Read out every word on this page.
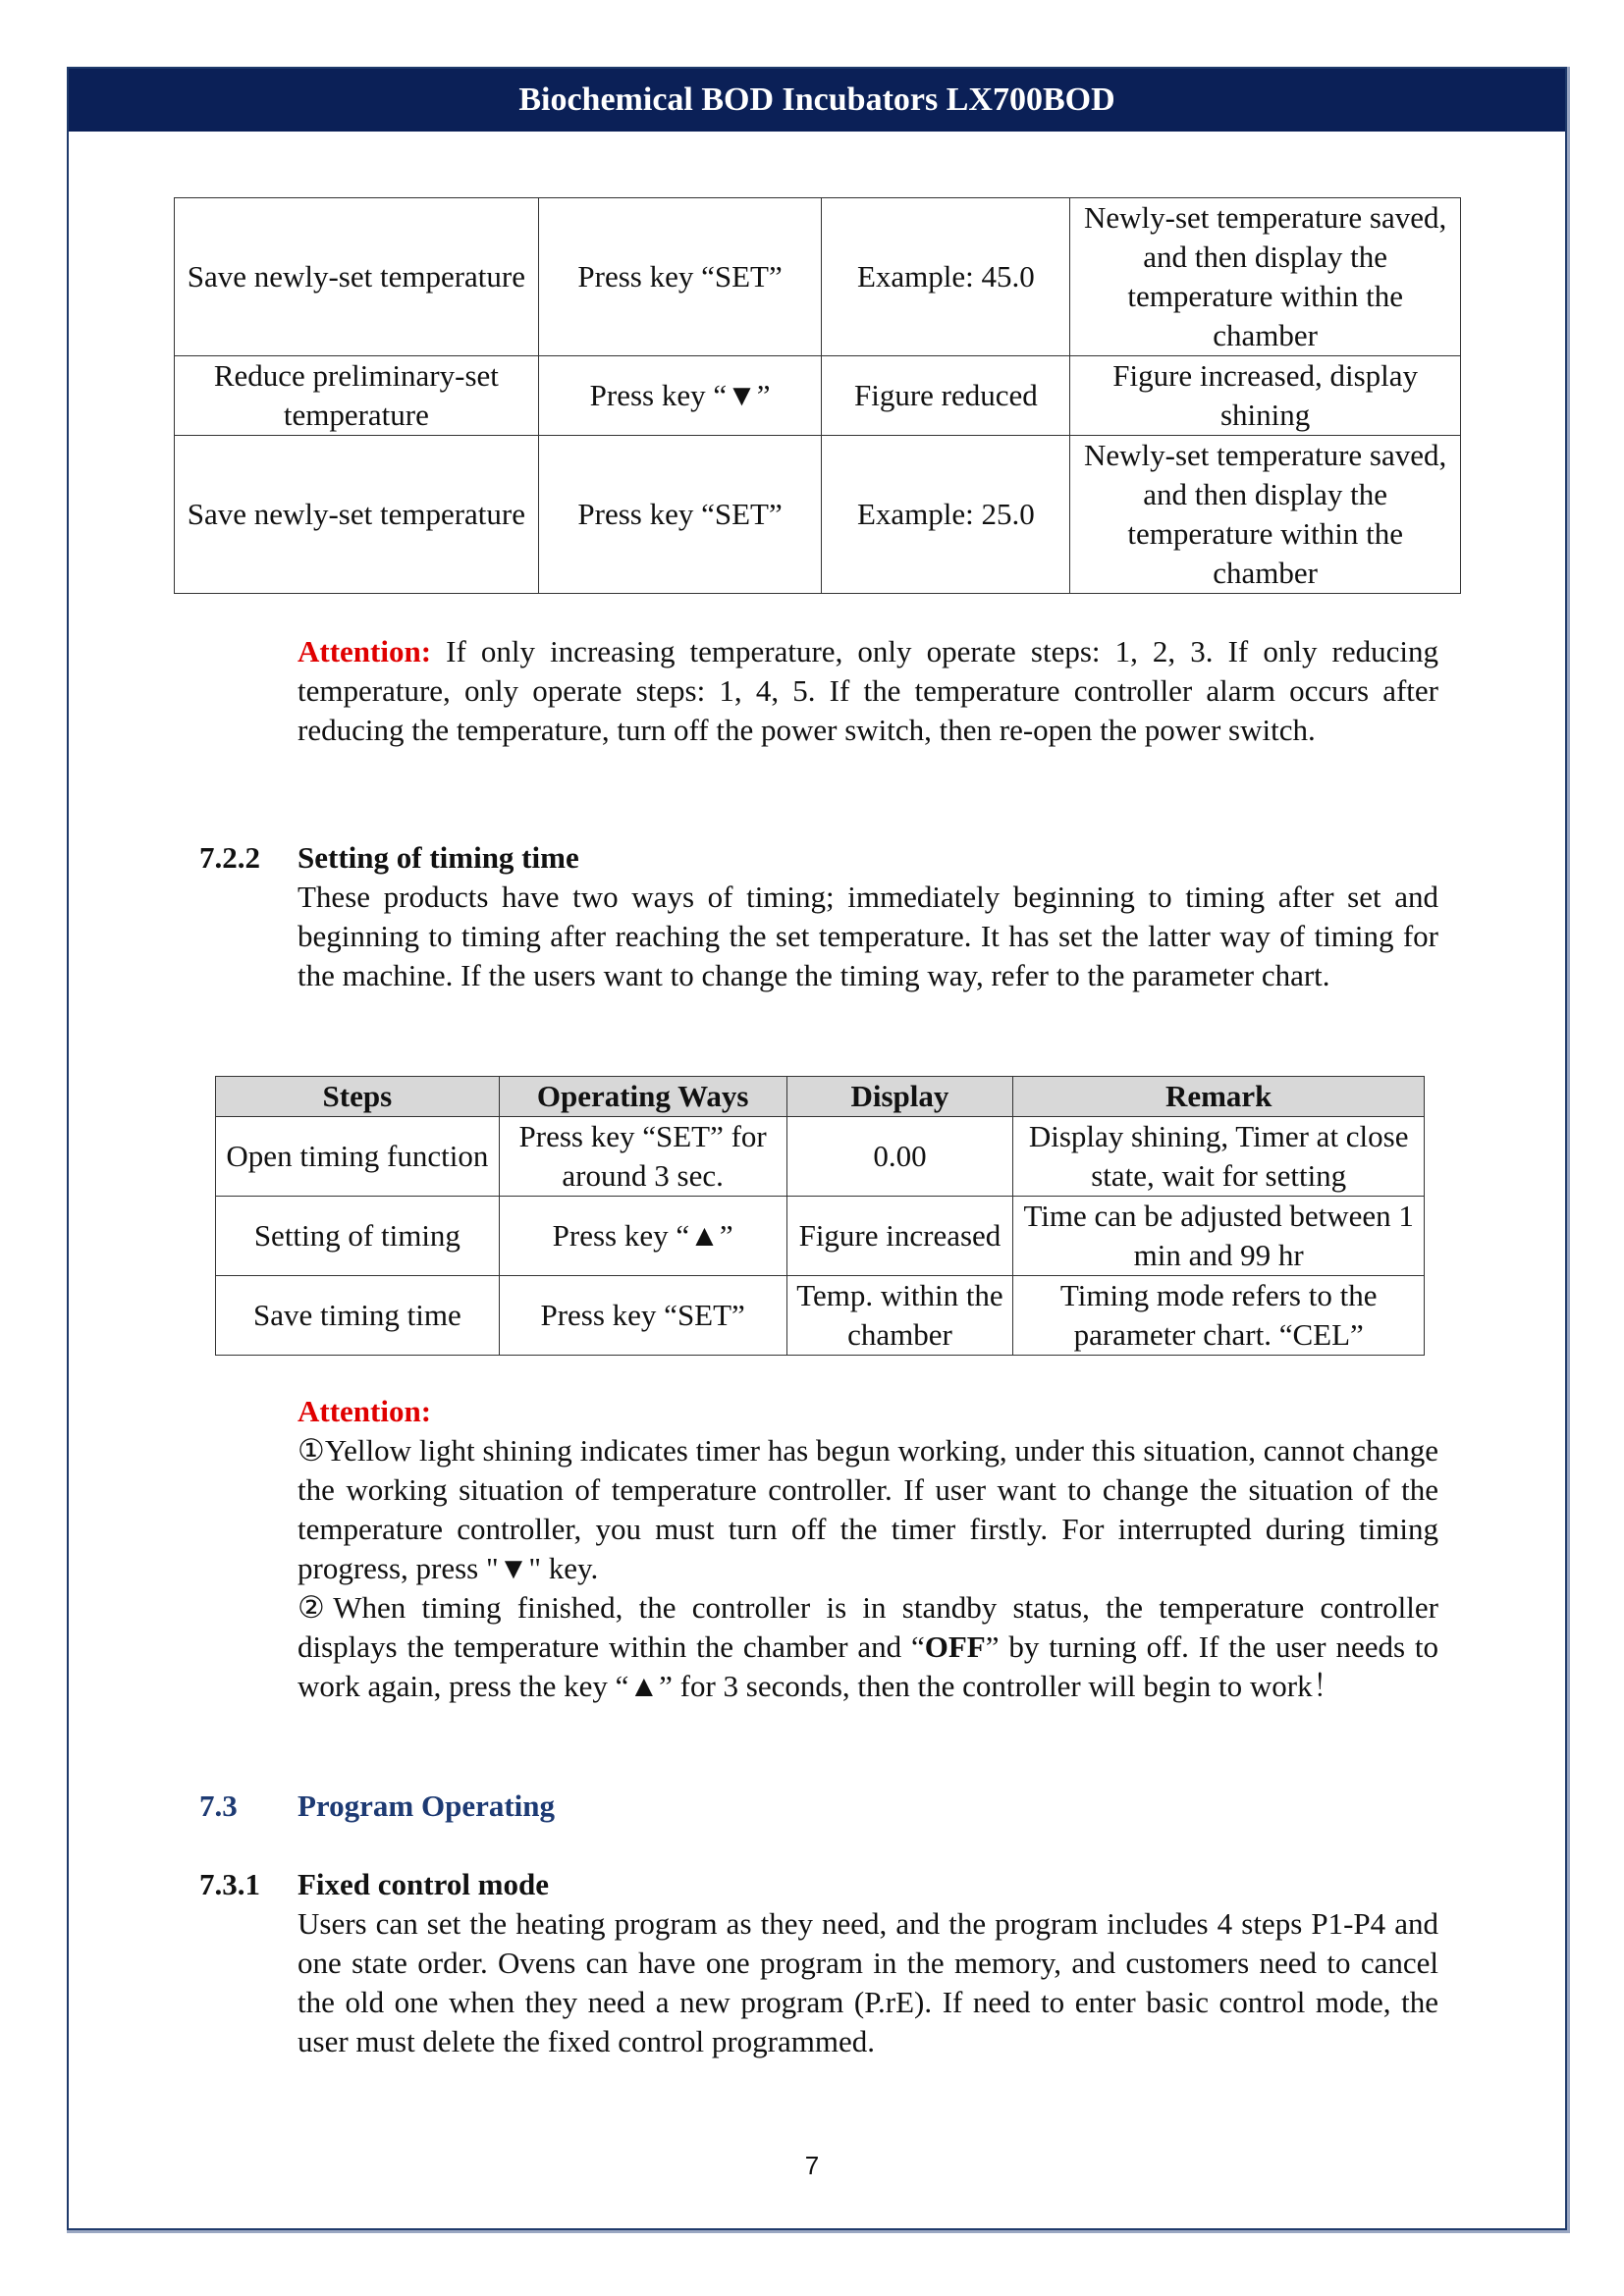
Biochemical BOD Incubators LX700BOD
Save newly-set temperature	Press key “SET”	Example: 45.0	Newly-set temperature saved, and then display the temperature within the chamber
Reduce preliminary-set temperature	Press key “▼”	Figure reduced	Figure increased, display shining
Save newly-set temperature	Press key “SET”	Example: 25.0	Newly-set temperature saved, and then display the temperature within the chamber

Attention: If only increasing temperature, only operate steps: 1, 2, 3. If only reducing temperature, only operate steps: 1, 4, 5. If the temperature controller alarm occurs after reducing the temperature, turn off the power switch, then re-open the power switch.

7.2.2 Setting of timing time

These products have two ways of timing; immediately beginning to timing after set and beginning to timing after reaching the set temperature. It has set the latter way of timing for the machine. If the users want to change the timing way, refer to the parameter chart.

Steps	Operating Ways	Display	Remark
Open timing function	Press key “SET” for around 3 sec.	0.00	Display shining, Timer at close state, wait for setting
Setting of timing	Press key “▲”	Figure increased	Time can be adjusted between 1 min and 99 hr
Save timing time	Press key “SET”	Temp. within the chamber	Timing mode refers to the parameter chart. “CEL”
Attention:
①Yellow light shining indicates timer has begun working, under this situation, cannot change the working situation of temperature controller. If user want to change the situation of the temperature controller, you must turn off the timer firstly. For interrupted during timing progress, press "▼" key.
②When timing finished, the controller is in standby status, the temperature controller displays the temperature within the chamber and “OFF” by turning off. If the user needs to work again, press the key “▲” for 3 seconds, then the controller will begin to work！
7.3 Program Operating
7.3.1 Fixed control mode

Users can set the heating program as they need, and the program includes 4 steps P1-P4 and one state order. Ovens can have one program in the memory, and customers need to cancel the old one when they need a new program (P.rE). If need to enter basic control mode, the user must delete the fixed control programmed.

7
